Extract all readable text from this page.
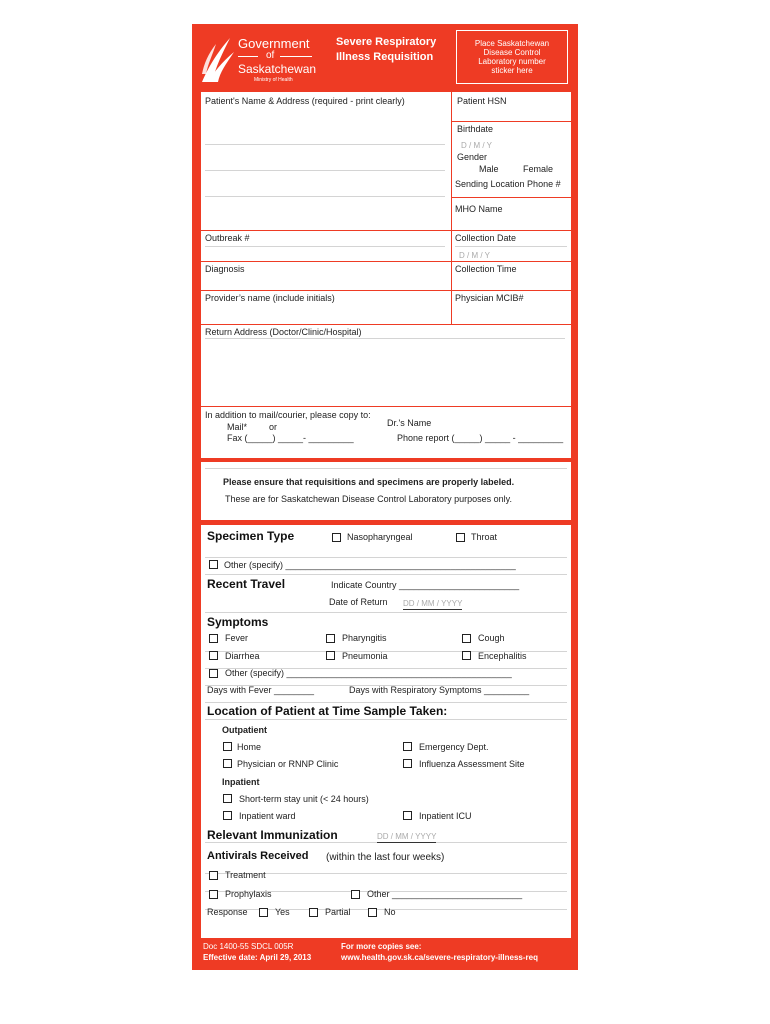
Government
of
Saskatchewan
Ministry of Health
Severe Respiratory
Illness Requisition
Place Saskatchewan
Disease Control
Laboratory number
sticker here
Patient's Name & Address (required - print clearly)	Patient HSN
Birthdate
D / M / Y
Gender
Male	Female
Sending Location Phone #
MHO Name
Outbreak #	Collection Date
D / M / Y
Diagnosis	Collection Time
Provider’s name (include initials)	Physician MCIB#
Return Address (Doctor/Clinic/Hospital)
In addition to mail/courier, please copy to:
Mail* or
Fax (_____) _____- _________
Dr.'s Name
Phone report (_____) _____ - _________
Please ensure that requisitions and specimens are properly labeled.
These are for Saskatchewan Disease Control Laboratory purposes only.
Specimen Type	Nasopharyngeal	Throat
Other (specify) ______________________________________________
Recent Travel	Indicate Country ________________________
Date of Return DD / MM / YYYY
Symptoms
Fever	Pharyngitis	Cough
Diarrhea	Pneumonia	Encephalitis
Other (specify) _____________________________________________
Days with Fever ________	Days with Respiratory Symptoms _________
Location of Patient at Time Sample Taken:
Outpatient
Home	Emergency Dept.
Physician or RNNP Clinic	Influenza Assessment Site
Inpatient
Short-term stay unit (< 24 hours)
Inpatient ward	Inpatient ICU
Relevant Immunization	DD / MM / YYYY
Antivirals Received (within the last four weeks)
Treatment
Prophylaxis	Other __________________________
Response	Yes	Partial	No
Doc 1400-55 SDCL 005R
Effective date: April 29, 2013
For more copies see:
www.health.gov.sk.ca/severe-respiratory-illness-req
